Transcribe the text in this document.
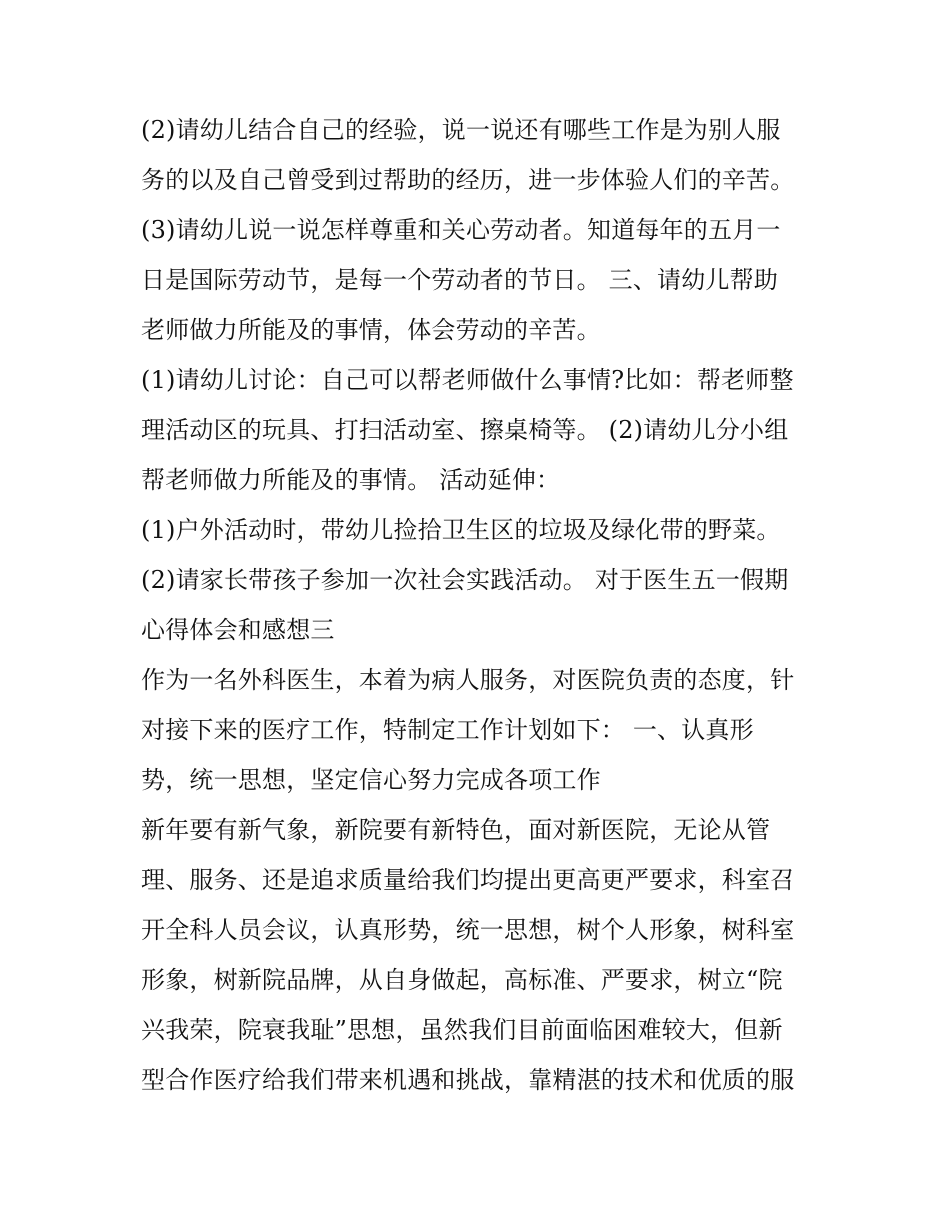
(2)请幼儿结合自己的经验，说一说还有哪些工作是为别人服

务的以及自己曾受到过帮助的经历，进一步体验人们的辛苦。

(3)请幼儿说一说怎样尊重和关心劳动者。知道每年的五月一

日是国际劳动节，是每一个劳动者的节日。 三、请幼儿帮助

老师做力所能及的事情，体会劳动的辛苦。

(1)请幼儿讨论：自己可以帮老师做什么事情?比如：帮老师整

理活动区的玩具、打扫活动室、擦桌椅等。 (2)请幼儿分小组

帮老师做力所能及的事情。 活动延伸：

(1)户外活动时，带幼儿捡拾卫生区的垃圾及绿化带的野菜。

(2)请家长带孩子参加一次社会实践活动。 对于医生五一假期

心得体会和感想三

作为一名外科医生，本着为病人服务，对医院负责的态度，针

对接下来的医疗工作，特制定工作计划如下： 一、认真形

势，统一思想，坚定信心努力完成各项工作

新年要有新气象，新院要有新特色，面对新医院，无论从管

理、服务、还是追求质量给我们均提出更高更严要求，科室召

开全科人员会议，认真形势，统一思想，树个人形象，树科室

形象，树新院品牌，从自身做起，高标准、严要求，树立“院

兴我荣，院衰我耻”思想，虽然我们目前面临困难较大，但新

型合作医疗给我们带来机遇和挑战，靠精湛的技术和优质的服
